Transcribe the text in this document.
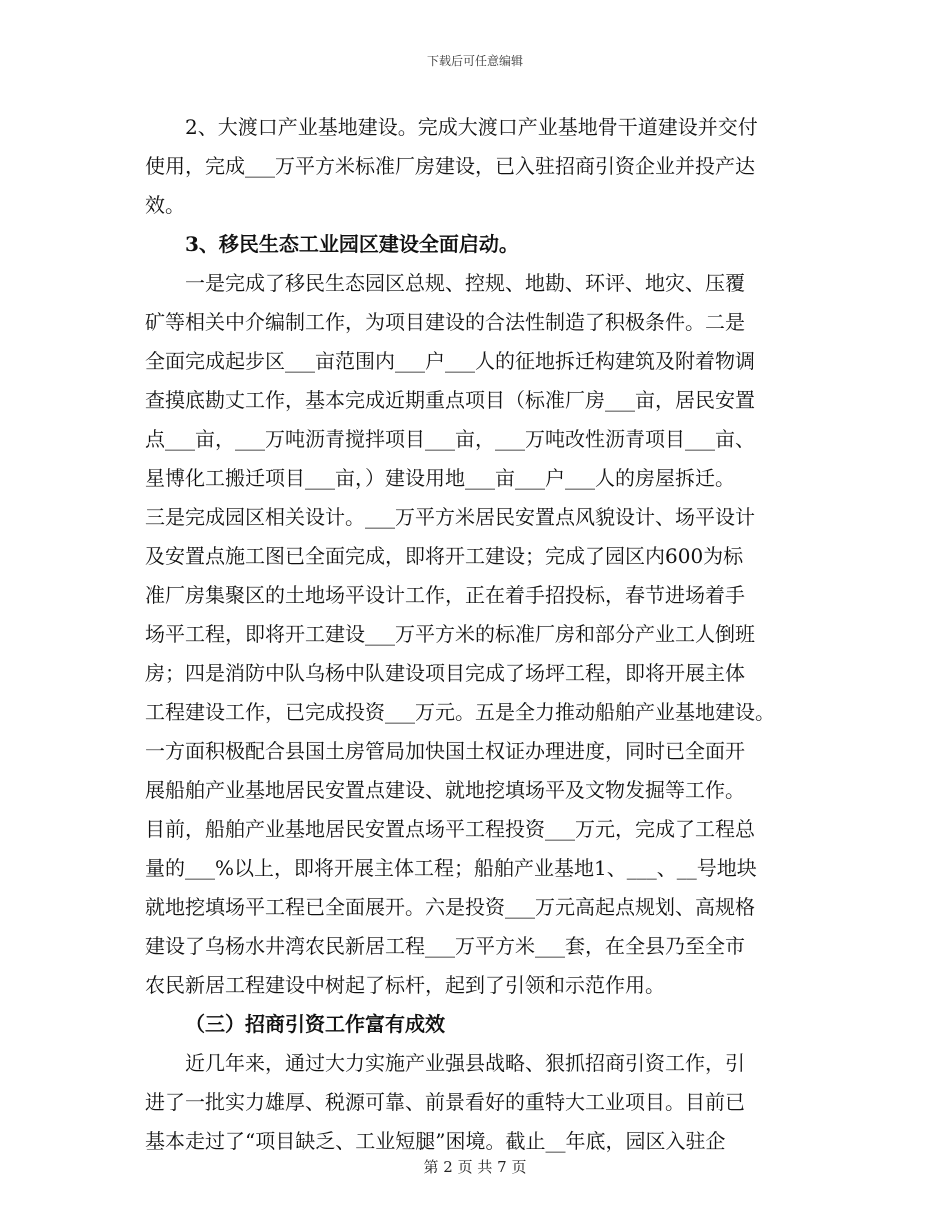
下载后可任意编辑
2、大渡口产业基地建设。完成大渡口产业基地骨干道建设并交付
使用，完成___万平方米标准厂房建设，已入驻招商引资企业并投产达
效。
3、移民生态工业园区建设全面启动。
一是完成了移民生态园区总规、控规、地勘、环评、地灾、压覆
矿等相关中介编制工作，为项目建设的合法性制造了积极条件。二是
全面完成起步区___亩范围内___户___人的征地拆迁构建筑及附着物调
查摸底勘丈工作，基本完成近期重点项目（标准厂房___亩，居民安置
点___亩，___万吨沥青搅拌项目___亩，___万吨改性沥青项目___亩、
星博化工搬迁项目___亩，）建设用地___亩___户___人的房屋拆迁。
三是完成园区相关设计。___万平方米居民安置点风貌设计、场平设计
及安置点施工图已全面完成，即将开工建设；完成了园区内600为标
准厂房集聚区的土地场平设计工作，正在着手招投标，春节进场着手
场平工程，即将开工建设___万平方米的标准厂房和部分产业工人倒班
房；四是消防中队乌杨中队建设项目完成了场坪工程，即将开展主体
工程建设工作，已完成投资___万元。五是全力推动船舶产业基地建设。
一方面积极配合县国土房管局加快国土权证办理进度，同时已全面开
展船舶产业基地居民安置点建设、就地挖填场平及文物发掘等工作。
目前，船舶产业基地居民安置点场平工程投资___万元，完成了工程总
量的___%以上，即将开展主体工程；船舶产业基地1、___、__号地块
就地挖填场平工程已全面展开。六是投资___万元高起点规划、高规格
建设了乌杨水井湾农民新居工程___万平方米___套，在全县乃至全市
农民新居工程建设中树起了标杆，起到了引领和示范作用。
（三）招商引资工作富有成效
近几年来，通过大力实施产业强县战略、狠抓招商引资工作，引
进了一批实力雄厚、税源可靠、前景看好的重特大工业项目。目前已
基本走过了“项目缺乏、工业短腿”困境。截止__年底，园区入驻企
第 2 页 共 7 页
